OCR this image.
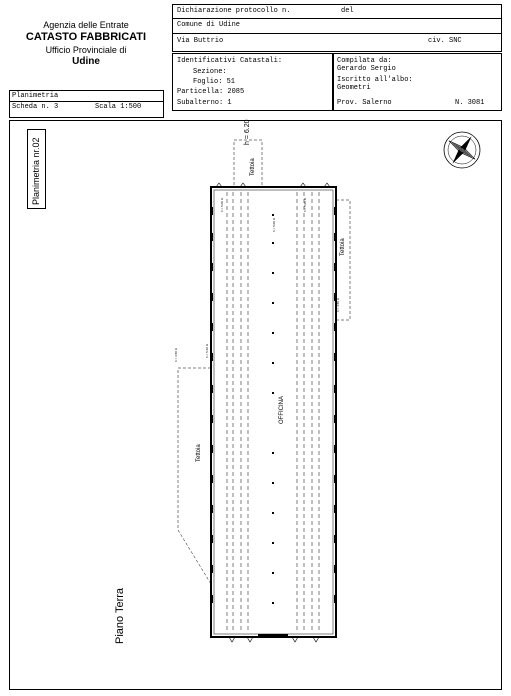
Agenzia delle Entrate
CATASTO FABBRICATI
Ufficio Provinciale di
Udine
Planimetria
Scheda n. 3	Scala 1:500
Dichiarazione protocollo n.	del
Comune di Udine
Via Buttrio	civ. SNC
Identificativi Catastali:
Sezione:
Foglio: 51
Particella: 2085
Subalterno: 1
Compilata da:
Gerardo Sergio
Iscritto all'albo:
Geometri
Prov. Salerno	N. 3081
Planimetria nr.02
Piano Terra
h = 6.20
Tettoia
Tettoia
Tettoia
OFFICINA
h = 5.00 m
h = 4.50 m
h = 4.50 m	h = 5.60 m
h = 5.00 m	h = 5.00 m
